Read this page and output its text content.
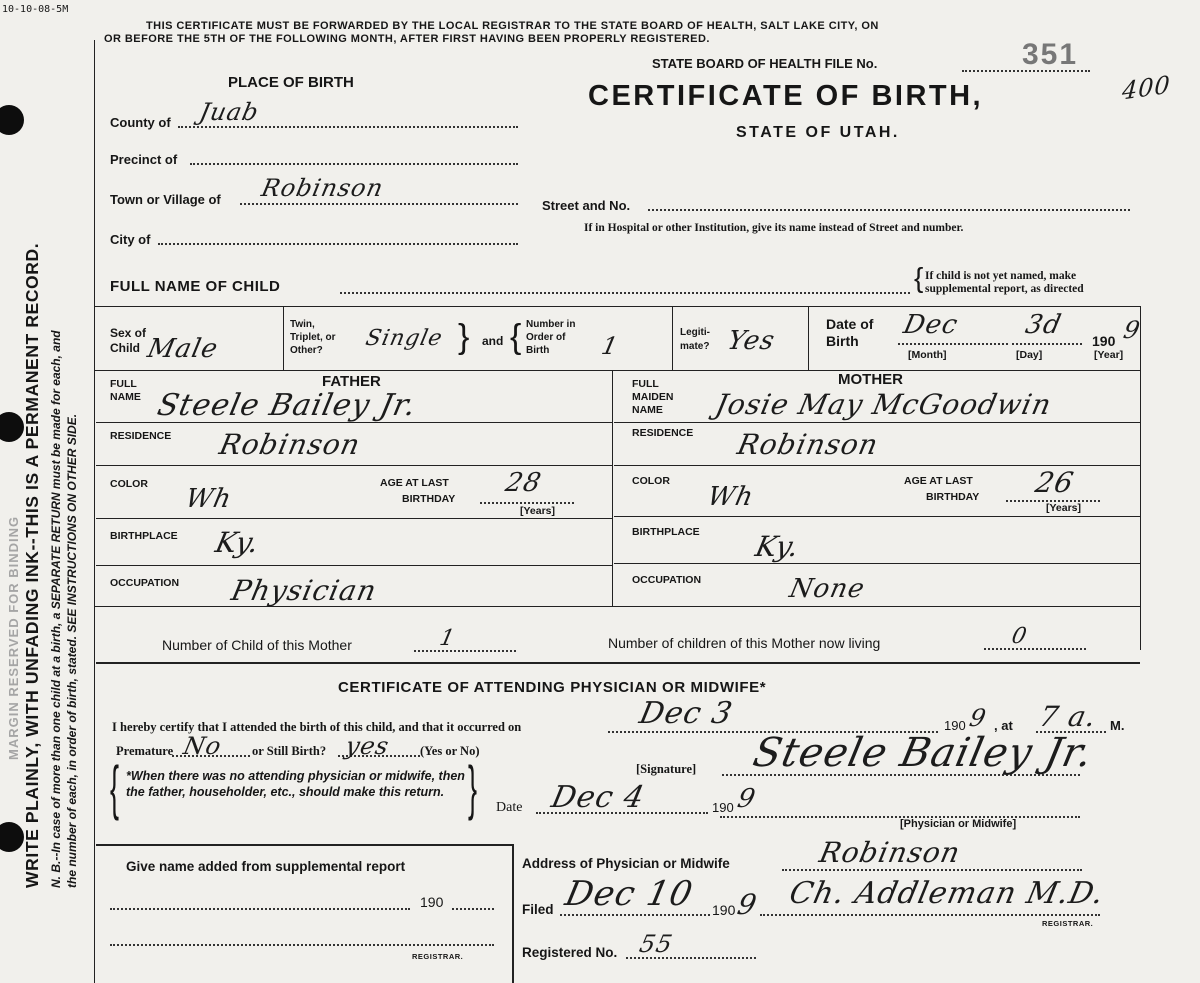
10-10-08-5M
MARGIN RESERVED FOR BINDING WRITE PLAINLY, WITH UNFADING INK--THIS IS A PERMANENT RECORD. N. B.--In case of more than one child at a birth, a SEPARATE RETURN must be made for each, and the number of each, in order of birth, stated. SEE INSTRUCTIONS ON OTHER SIDE.
THIS CERTIFICATE MUST BE FORWARDED BY THE LOCAL REGISTRAR TO THE STATE BOARD OF HEALTH, SALT LAKE CITY, ON
OR BEFORE THE 5TH OF THE FOLLOWING MONTH, AFTER FIRST HAVING BEEN PROPERLY REGISTERED.
STATE BOARD OF HEALTH FILE No.	351
400
CERTIFICATE OF BIRTH,
STATE OF UTAH.
PLACE OF BIRTH
County of Juab
Precinct of
Town or Village of Robinson
City of
Street and No.
If in Hospital or other Institution, give its name instead of Street and number.
FULL NAME OF CHILD	{ If child is not yet named, make supplemental report, as directed
Sex of Child Male
Twin, Triplet, or Other?	Single } and { Number in Order of Birth	1	Legiti- mate? Yes
Date of Birth
Dec 3d
190 9
[Month]	[Day]	[Year]
FATHER
FULL NAME Steele Bailey Jr.
RESIDENCE Robinson
COLOR Wh
AGE AT LAST
BIRTHDAY
28
[Years]
BIRTHPLACE Ky.
OCCUPATION Physician
MOTHER
FULL MAIDEN NAME	Josie May McGoodwin
RESIDENCE Robinson
COLOR
Wh
AGE AT LAST
BIRTHDAY 26
[Years]
BIRTHPLACE Ky.
OCCUPATION	None
Number of Child of this Mother	1	Number of children of this Mother now living	0
CERTIFICATE OF ATTENDING PHYSICIAN OR MIDWIFE*
I hereby certify that I attended the birth of this child, and that it occurred on	Dec 3	190 9 , at 7 a. M.
Premature No or Still Birth? yes (Yes or No)
{ *When there was no attending physician or midwife, then the father, householder, etc., should make this return. }	[Signature] Steele Bailey Jr.
[Physician or Midwife]
Date Dec 4	190 9
Give name added from supplemental report
190
REGISTRAR.
Address of Physician or Midwife	Robinson
Filed Dec 10 190 9 Ch. Addleman M.D.
REGISTRAR.
Registered No. 55
